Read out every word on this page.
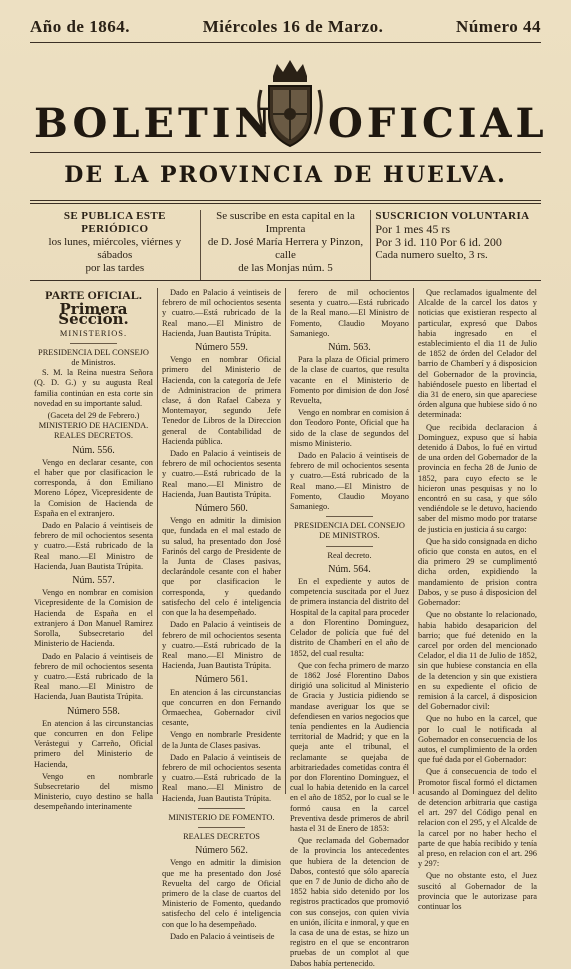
Año de 1864.	Miércoles 16 de Marzo.	Número 44
BOLETIN OFICIAL
DE LA PROVINCIA DE HUELVA.
SE PUBLICA ESTE PERIÓDICO
los lunes, miércoles, viérnes y sábados
por las tardes
Se suscribe en esta capital en la Imprenta
de D. José María Herrera y Pinzon, calle
de las Monjas núm. 5
SUSCRICION VOLUNTARIA
Por 1 mes 45 rs
Por 3 id. 110 Por 6 id. 200
Cada numero suelto, 3 rs.
PARTE OFICIAL.
Primera Seccion.
MINISTERIOS.
PRESIDENCIA DEL CONSEJO
de Ministros.

S. M. la Reina nuestra Señora (Q. D. G.) y su augusta Real familia continúan en esta corte sin novedad en su importante salud.

(Gaceta del 29 de Febrero.)
MINISTERIO DE HACIENDA.
REALES DECRETOS.
Núm. 556.

Vengo en declarar cesante, con el haber que por clasificacion le corresponda, á don Emiliano Moreno López, Vicepresidente de la Comision de Hacienda de España en el extranjero.

Dado en Palacio á veintiseis de febrero de mil ochocientos sesenta y cuatro.—Está rubricado de la Real mano.—El Ministro de Hacienda, Juan Bautista Trúpita.

Núm. 557.

Vengo en nombrar en comision Vicepresidente de la Comision de Hacienda de España en el extranjero á Don Manuel Ramirez Sorolla, Subsecretario del Ministerio de Hacienda.

Dado en Palacio á veintiseis de febrero de mil ochocientos sesenta y cuatro.—Está rubricado de la Real mano.—El Ministro de Hacienda, Juan Bautista Trúpita.

Número 558.

En atencion á las circunstancias que concurren en don Felipe Verástegui y Carreño, Oficial primero del Ministerio de Hacienda,

Vengo en nombrarle Subsecretario del mismo Ministerio, cuyo destino se halla desempeñando interinamente

Dado en Palacio á veintiseis de febrero de mil ochocientos sesenta y cuatro.—Está rubricado de la Real mano.—El Ministro de Hacienda, Juan Bautista Trúpita.

Número 559.

Vengo en nombrar Oficial primero del Ministerio de Hacienda, con la categoría de Jefe de Administracion de primera clase, á don Rafael Cabeza y Montemayor, segundo Jefe Tenedor de Libros de la Direccion general de Contabilidad de Hacienda pública.

Dado en Palacio á veintiseis de febrero de mil ochocientos sesenta y cuatro.—Está rubricado de la Real mano.—El Ministro de Hacienda, Juan Bautista Trúpita.

Número 560.

Vengo en admitir la dimision que, fundada en el mal estado de su salud, ha presentado don José Farinós del cargo de Presidente de la Junta de Clases pasivas, declarándole cesante con el haber que por clasificacion le corresponda, y quedando satisfecho del celo é inteligencia con que la ha desempeñado.

Dado en Palacio á veintiseis de febrero de mil ochocientos sesenta y cuatro.—Está rubricado de la Real mano.—El Ministro de Hacienda, Juan Bautista Trúpita.

Número 561.

En atencion á las circunstancias que concurren en don Fernando Ormaechea, Gobernador civil cesante,

Vengo en nombrarle Presidente de la Junta de Clases pasivas.

Dado en Palacio á veintiseis de febrero de mil ochocientos sesenta y cuatro.—Está rubricado de la Real mano.—El Ministro de Hacienda, Juan Bautista Trúpita.

MINISTERIO DE FOMENTO.
REALES DECRETOS
Número 562.

Vengo en admitir la dimision que me ha presentado don José Revuelta del cargo de Oficial primero de la clase de cuartos del Ministerio de Fomento, quedando satisfecho del celo é inteligencia con que lo ha desempeñado.

Dado en Palacio á veintiseis de

ferero de mil ochocientos sesenta y cuatro.—Está rubricado de la Real mano.—El Ministro de Fomento, Claudio Moyano Samaniego.

Núm. 563.

Para la plaza de Oficial primero de la clase de cuartos, que resulta vacante en el Ministerio de Fomento por dimision de don José Revuelta,

Vengo en nombrar en comision á don Teodoro Ponte, Oficial que ha sido de la clase de segundos del mismo Ministerio.

Dado en Palacio á veintiseis de febrero de mil ochocientos sesenta y cuatro.—Está rubricado de la Real mano.—El Ministro de Fomento, Claudio Moyano Samaniego.

PRESIDENCIA DEL CONSEJO
DE MINISTROS.
Real decreto.
Núm. 564.

En el expediente y autos de competencia suscitada por el Juez de primera instancia del distrito del Hospital de la capital para proceder a don Florentino Dominguez, Celador de policía que fué del distrito de Chamberí en el año de 1852, del cual resulta:

Que con fecha primero de marzo de 1862 José Florentino Dabos dirigió una solicitud al Ministerio de Gracia y Justicia pidiendo se mandase averiguar los que se defendiesen en varios negocios que tenía pendientes en la Audiencia territorial de Madrid; y que en la queja ante el tribunal, el reclamante se quejaba de arbitrariedades cometidas contra él por don Florentino Dominguez, el cual lo habia detenido en la carcel en el año de 1852, por lo cual se le formó causa en la carcel Preventiva desde primeros de abril hasta el 31 de Enero de 1853:

Que reclamada del Gobernador de la provincia los antecedentes que hubiera de la detencion de Dabos, contestó que sólo aparecía que en 7 de Junio de dicho año de 1852 habia sido detenido por los registros practicados que promovió con sus consejos, con quien vivia en unión, ilícita e inmoral, y que en la casa de una de estas, se hizo un registro en el que se encontraron pruebas de un complot al que Dabos había pertenecido.

Que reclamados igualmente del Alcalde de la carcel los datos y noticias que existieran respecto al particular, expresó que Dabos habia ingresado en el establecimiento el dia 11 de Julio de 1852 de órden del Celador del barrio de Chamberí y á disposicion del Gobernador de la provincia, habiéndosele puesto en libertad el dia 31 de enero, sin que apareciese órden alguna que hubiese sido ó no determinada:

Que recibida declaracion á Dominguez, expuso que sí habia detenido á Dabos, lo fué en virtud de una orden del Gobernador de la provincia en fecha 28 de Junio de 1852, para cuyo efecto se le hicieron unas pesquisas y no lo encontró en su casa, y que sólo vendiéndole se le detuvo, haciendo saber del mismo modo por tratarse de justicia en justicia á su cargo:

Que ha sido consignada en dicho oficio que consta en autos, en el dia primero 29 se cumplimentó dicha orden, expidiendo la mandamiento de prision contra Dabos, y se puso á disposicion del Gobernador:

Que no obstante lo relacionado, habia habido desaparicion del barrio; que fué detenido en la carcel por orden del mencionado Celador, el dia 11 de Julio de 1852, sin que hubiese constancia en ella de la detencion y sin que existiera en su expediente el oficio de remision á la carcel, á disposicion del Gobernador civil:

Que no hubo en la carcel, que por lo cual le notificada al Gobernador en consecuencia de los autos, el cumplimiento de la orden que fué dada por el Gobernador:

Que á consecuencia de todo el Promotor fiscal formó el dictamen acusando al Dominguez del delito de detencion arbitraria que castiga el art. 297 del Código penal en relacion con el 295, y el Alcalde de la carcel por no haber hecho el parte de que había recibido y tenía al preso, en relacion con el art. 296 y 297:

Que no obstante esto, el Juez suscitó al Gobernador de la provincia que le autorizase para continuar los
